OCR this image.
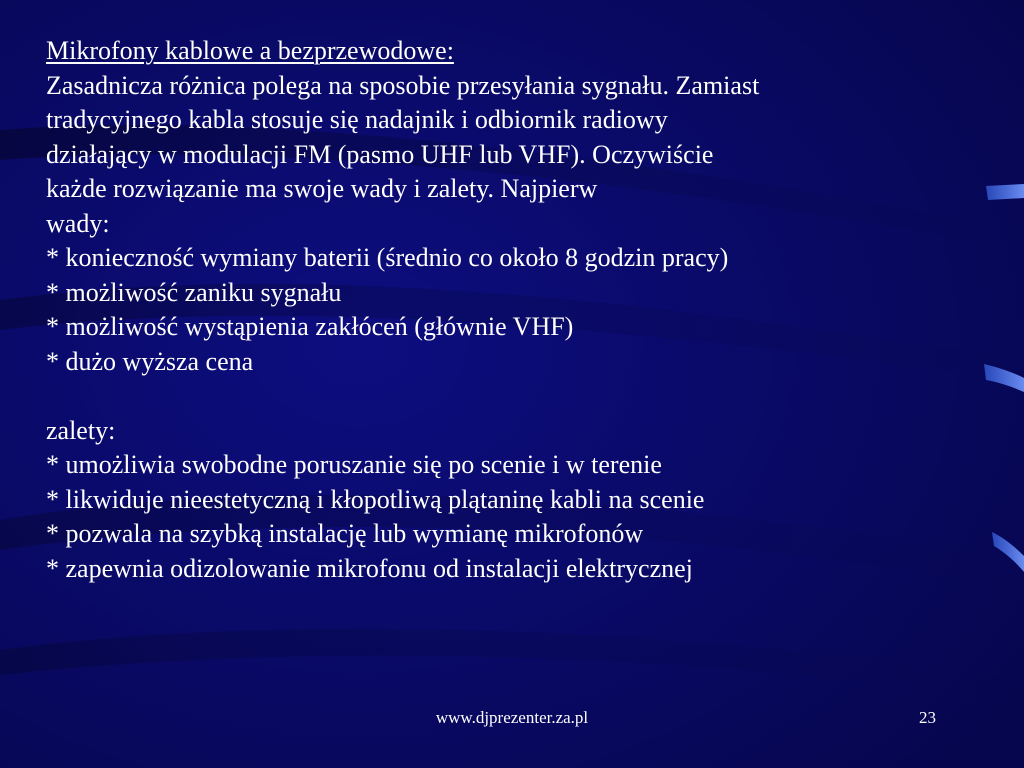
Mikrofony kablowe a bezprzewodowe:
Zasadnicza różnica polega na sposobie przesyłania sygnału. Zamiast
tradycyjnego kabla stosuje się nadajnik i odbiornik radiowy
działający w modulacji FM (pasmo UHF lub VHF). Oczywiście
każde rozwiązanie ma swoje wady i zalety. Najpierw
wady:
* konieczność wymiany baterii (średnio co około 8 godzin pracy)
* możliwość zaniku sygnału
* możliwość wystąpienia zakłóceń (głównie VHF)
* dużo wyższa cena
zalety:
* umożliwia swobodne poruszanie się po scenie i w terenie
* likwiduje nieestetyczną i kłopotliwą plątaninę kabli na scenie
* pozwala na szybką instalację lub wymianę mikrofonów
* zapewnia odizolowanie mikrofonu od instalacji elektrycznej
www.djprezenter.za.pl	23
